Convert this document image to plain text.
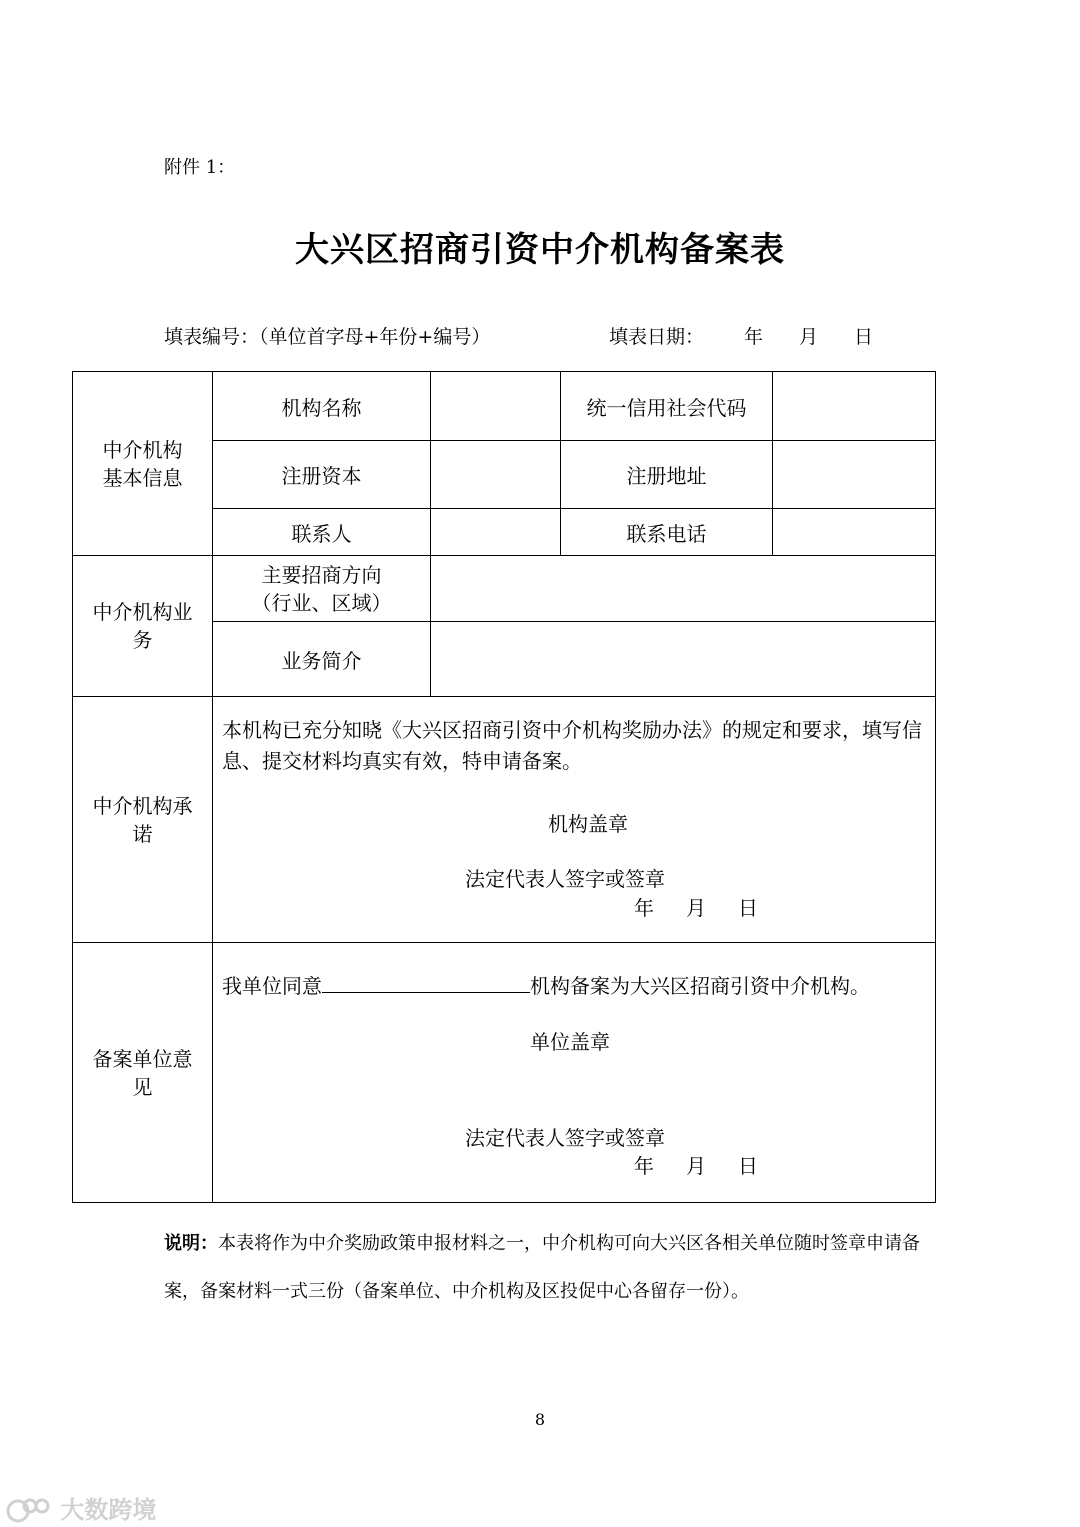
附件 1：
大兴区招商引资中介机构备案表
填表编号：（单位首字母+年份+编号）	填表日期： 年 月 日
中介机构基本信息	机构名称		统一信用社会代码	
	注册资本		注册地址	
	联系人		联系电话	

中介机构业务	主要招商方向
（行业、区域）			

	业务简介			

中介机构承诺	本机构已充分知晓《大兴区招商引资中介机构奖励办法》的规定和要求，填写信息、提交材料均真实有效，特申请备案。
机构盖章
法定代表人签字或签章
年 月 日			

备案单位意见	我单位同意 机构备案为大兴区招商引资中介机构。
单位盖章
法定代表人签字或签章
年 月 日			
说明：本表将作为中介奖励政策申报材料之一，中介机构可向大兴区各相关单位随时签章申请备案，备案材料一式三份（备案单位、中介机构及区投促中心各留存一份）。
8
大数跨境
